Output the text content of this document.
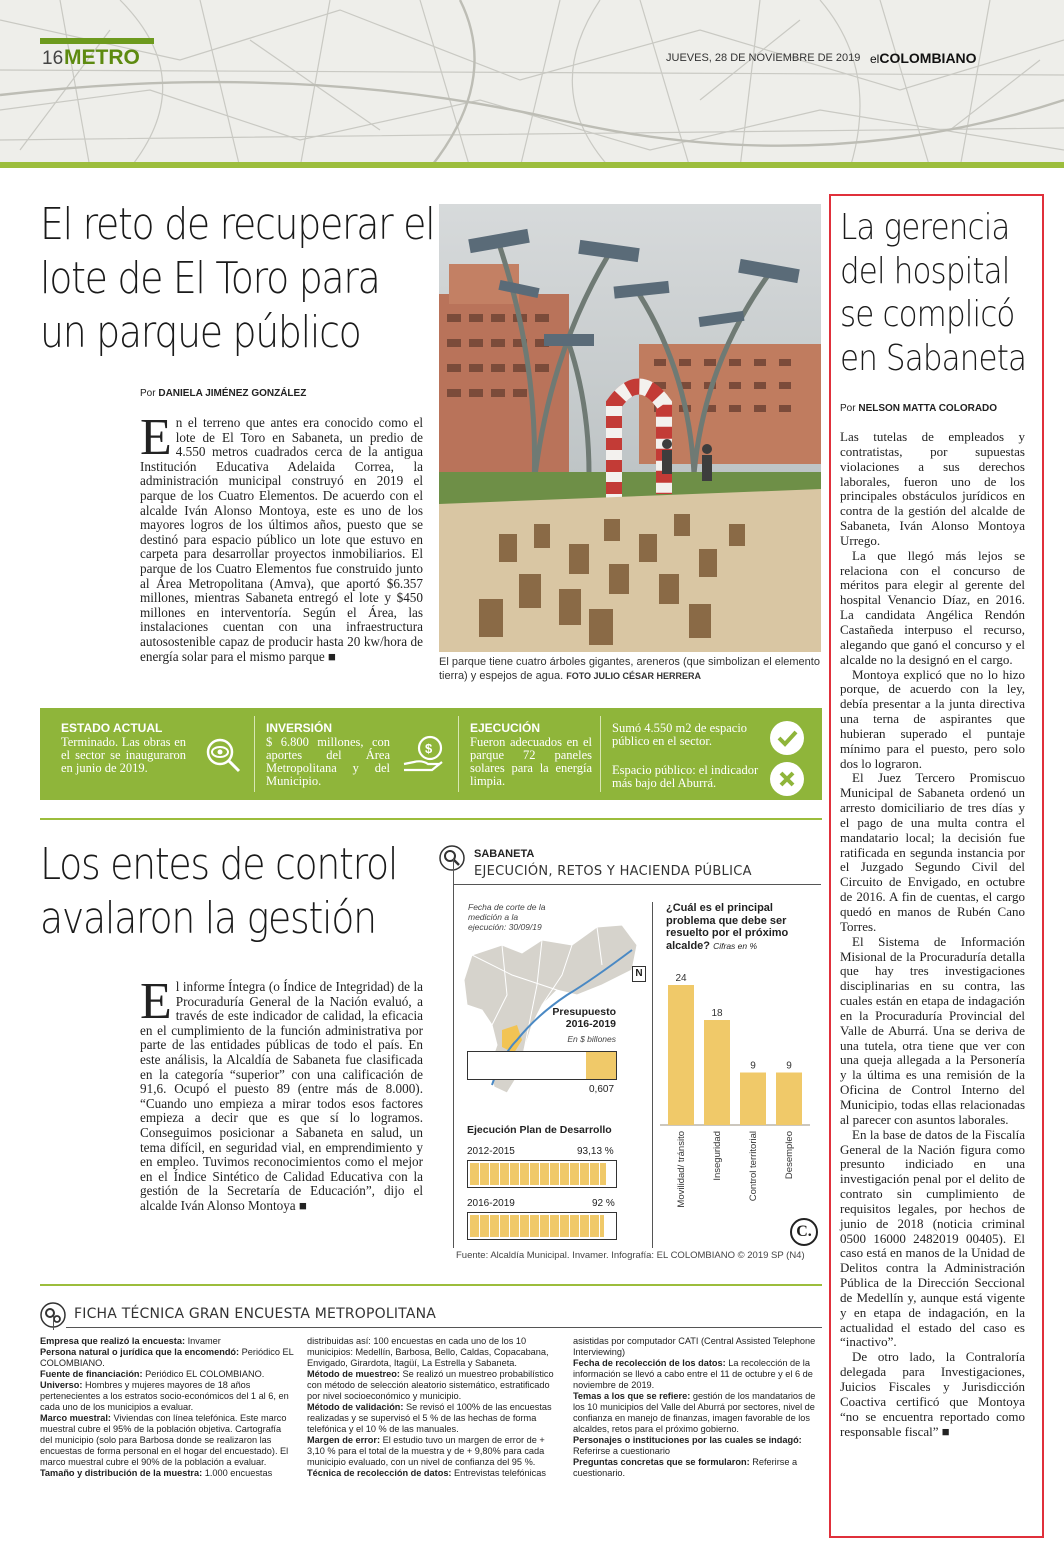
16 METRO	JUEVES, 28 DE NOVIEMBRE DE 2019 elCOLOMBIANO
El reto de recuperar el
lote de El Toro para
un parque público
Por DANIELA JIMÉNEZ GONZÁLEZ
En el terreno que antes era conocido como el lote de El Toro en Sabaneta, un predio de 4.550 metros cuadrados cerca de la antigua Institución Educativa Adelaida Correa, la administración municipal construyó en 2019 el parque de los Cuatro Elementos. De acuerdo con el alcalde Iván Alonso Montoya, este es uno de los mayores logros de los últimos años, puesto que se destinó para espacio público un lote que estuvo en carpeta para desarrollar proyectos inmobiliarios. El parque de los Cuatro Elementos fue construido junto al Área Metropolitana (Amva), que aportó $6.357 millones, mientras Sabaneta entregó el lote y $450 millones en interventoría. Según el Área, las instalaciones cuentan con una infraestructura autosostenible capaz de producir hasta 20 kw/hora de energía solar para el mismo parque ■	El parque tiene cuatro árboles gigantes, areneros (que simbolizan el elemento tierra) y espejos de agua. FOTO JULIO CÉSAR HERRERA
ESTADO ACTUAL
Terminado. Las obras en el sector se inauguraron en junio de 2019.
INVERSIÓN
$ 6.800 millones, con aportes del Área Metropolitana y del Municipio.
$
EJECUCIÓN
Fueron adecuados en el parque 72 paneles solares para la energía limpia.
Sumó 4.550 m2 de espacio público en el sector.
Espacio público: el indicador más bajo del Aburrá.
Los entes de control
avalaron la gestión
El informe Íntegra (o Índice de Integridad) de la Procuraduría General de la Nación evaluó, a través de este indicador de calidad, la eficacia en el cumplimiento de la función administrativa por parte de las entidades públicas de todo el país. En este análisis, la Alcaldía de Sabaneta fue clasificada en la categoría “superior” con una calificación de 91,6. Ocupó el puesto 89 (entre más de 8.000). “Cuando uno empieza a mirar todos esos factores empieza a decir que es que sí lo logramos. Conseguimos posicionar a Sabaneta en salud, un tema difícil, en seguridad vial, en emprendimiento y en empleo. Tuvimos reconocimientos como el mejor en el Índice Sintético de Calidad Educativa con la gestión de la Secretaría de Educación”, dijo el alcalde Iván Alonso Montoya ■
SABANETA
EJECUCIÓN, RETOS Y HACIENDA PÚBLICA
Fecha de corte de la medición a la ejecución: 30/09/19
N
Presupuesto 2016-2019
En $ billones
0,607
Ejecución Plan de Desarrollo
2012-2015	93,13 %
2016-2019	92 %
¿Cuál es el principal problema que debe ser resuelto por el próximo alcalde? Cifras en %
24
Movilidad/ tránsito
18
Inseguridad
9
Control territorial
9
Desempleo
C.
Fuente: Alcaldía Municipal. Invamer. Infografía: EL COLOMBIANO © 2019 SP (N4)
FICHA TÉCNICA GRAN ENCUESTA METROPOLITANA
Empresa que realizó la encuesta: Invamer
Persona natural o jurídica que la encomendó: Periódico EL COLOMBIANO.
Fuente de financiación: Periódico EL COLOMBIANO.
Universo: Hombres y mujeres mayores de 18 años pertenecientes a los estratos socio-económicos del 1 al 6, en cada uno de los municipios a evaluar.
Marco muestral: Viviendas con línea telefónica. Este marco muestral cubre el 95% de la población objetiva. Cartografía del municipio (solo para Barbosa donde se realizaron las encuestas de forma personal en el hogar del encuestado). El marco muestral cubre el 90% de la población a evaluar.
Tamaño y distribución de la muestra: 1.000 encuestas
distribuidas así: 100 encuestas en cada uno de los 10 municipios: Medellín, Barbosa, Bello, Caldas, Copacabana, Envigado, Girardota, Itagüí, La Estrella y Sabaneta.
Método de muestreo: Se realizó un muestreo probabilístico con método de selección aleatorio sistemático, estratificado por nivel socioeconómico y municipio.
Método de validación: Se revisó el 100% de las encuestas realizadas y se supervisó el 5 % de las hechas de forma telefónica y el 10 % de las manuales.
Margen de error: El estudio tuvo un margen de error de + 3,10 % para el total de la muestra y de + 9,80% para cada municipio evaluado, con un nivel de confianza del 95 %.
Técnica de recolección de datos: Entrevistas telefónicas
asistidas por computador CATI (Central Assisted Telephone Interviewing)
Fecha de recolección de los datos: La recolección de la información se llevó a cabo entre el 11 de octubre y el 6 de noviembre de 2019.
Temas a los que se refiere: gestión de los mandatarios de los 10 municipios del Valle del Aburrá por sectores, nivel de confianza en manejo de finanzas, imagen favorable de los alcaldes, retos para el próximo gobierno.
Personajes o instituciones por las cuales se indagó: Referirse a cuestionario
Preguntas concretas que se formularon: Referirse a cuestionario.
La gerencia
del hospital
se complicó
en Sabaneta
Por NELSON MATTA COLORADO

Las tutelas de empleados y contratistas, por supuestas violaciones a sus derechos laborales, fueron uno de los principales obstáculos jurídicos en contra de la gestión del alcalde de Sabaneta, Iván Alonso Montoya Urrego.

La que llegó más lejos se relaciona con el concurso de méritos para elegir al gerente del hospital Venancio Díaz, en 2016. La candidata Angélica Rendón Castañeda interpuso el recurso, alegando que ganó el concurso y el alcalde no la designó en el cargo.

Montoya explicó que no lo hizo porque, de acuerdo con la ley, debía presentar a la junta directiva una terna de aspirantes que hubieran superado el puntaje mínimo para el puesto, pero solo dos lo lograron.

El Juez Tercero Promiscuo Municipal de Sabaneta ordenó un arresto domiciliario de tres días y el pago de una multa contra el mandatario local; la decisión fue ratificada en segunda instancia por el Juzgado Segundo Civil del Circuito de Envigado, en octubre de 2016. A fin de cuentas, el cargo quedó en manos de Rubén Cano Torres.

El Sistema de Información Misional de la Procuraduría detalla que hay tres investigaciones disciplinarias en su contra, las cuales están en etapa de indagación en la Procuraduría Provincial del Valle de Aburrá. Una se deriva de una tutela, otra tiene que ver con una queja allegada a la Personería y la última es una remisión de la Oficina de Control Interno del Municipio, todas ellas relacionadas al parecer con asuntos laborales.

En la base de datos de la Fiscalía General de la Nación figura como presunto indiciado en una investigación penal por el delito de contrato sin cumplimiento de requisitos legales, por hechos de junio de 2018 (noticia criminal 0500 16000 2482019 00405). El caso está en manos de la Unidad de Delitos contra la Administración Pública de la Dirección Seccional de Medellín y, aunque está vigente y en etapa de indagación, en la actualidad el estado del caso es “inactivo”.

De otro lado, la Contraloría delegada para Investigaciones, Juicios Fiscales y Jurisdicción Coactiva certificó que Montoya “no se encuentra reportado como responsable fiscal” ■
